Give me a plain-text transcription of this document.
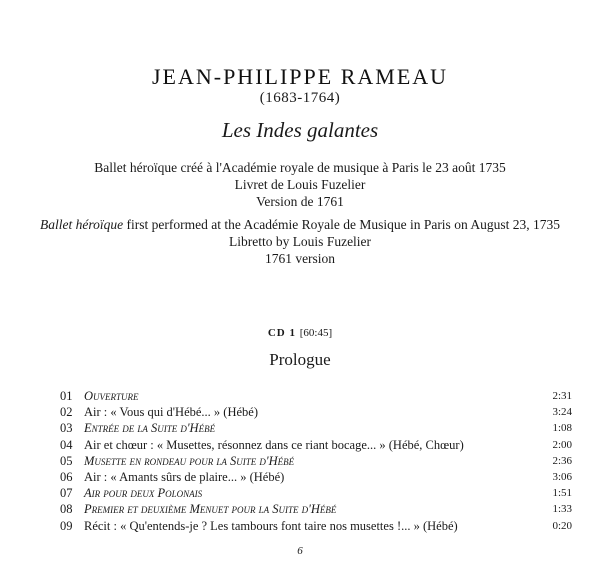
JEAN-PHILIPPE RAMEAU
(1683-1764)
Les Indes galantes
Ballet héroïque créé à l'Académie royale de musique à Paris le 23 août 1735
Livret de Louis Fuzelier
Version de 1761
Ballet héroïque first performed at the Académie Royale de Musique in Paris on August 23, 1735
Libretto by Louis Fuzelier
1761 version
CD 1 [60:45]
Prologue
01 Ouverture	2:31
02 Air : « Vous qui d'Hébé... » (Hébé)	3:24
03 Entrée de la Suite d'Hébé	1:08
04 Air et chœur : « Musettes, résonnez dans ce riant bocage... » (Hébé, Chœur)	2:00
05 Musette en rondeau pour la Suite d'Hébé	2:36
06 Air : « Amants sûrs de plaire... » (Hébé)	3:06
07 Air pour deux Polonais	1:51
08 Premier et deuxième Menuet pour la Suite d'Hébé	1:33
09 Récit : « Qu'entends-je ? Les tambours font taire nos musettes !... » (Hébé)	0:20
6
